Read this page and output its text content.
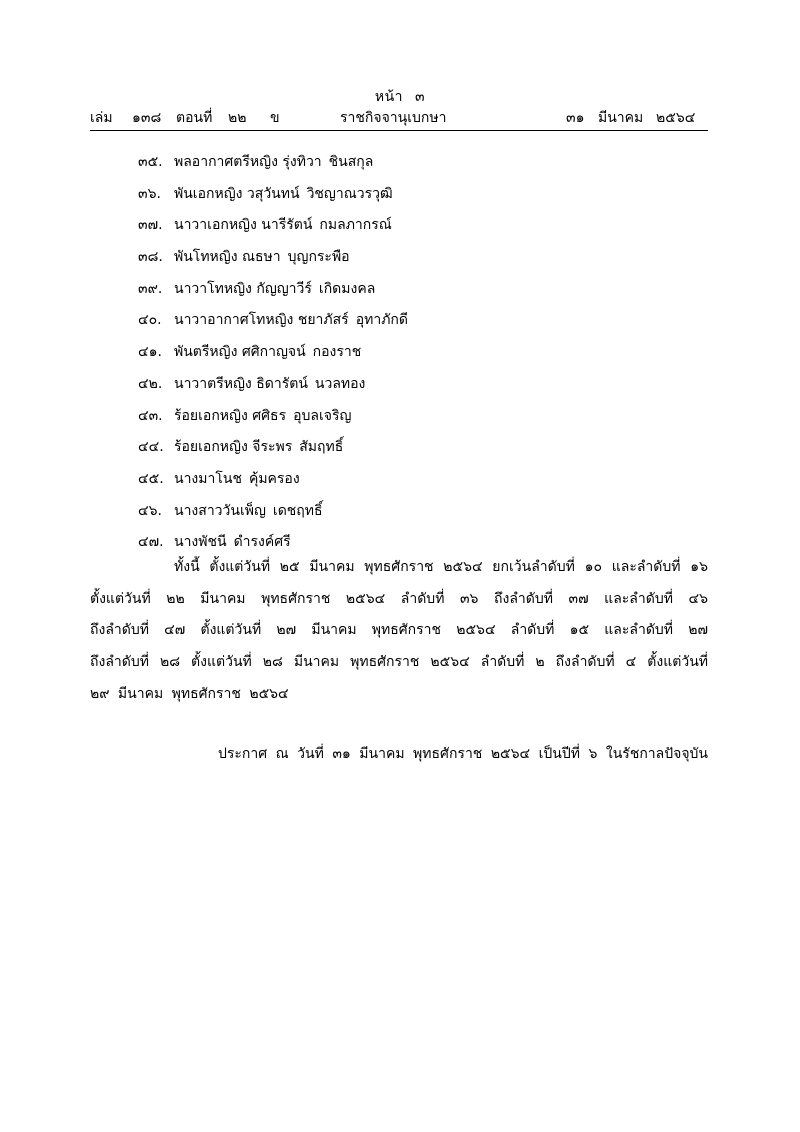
หน้า ๓
เล่ม ๑๓๘ ตอนที่ ๒๒ ข	ราชกิจจานุเบกษา	๓๑ มีนาคม ๒๕๖๔
๓๕. พลอากาศตรีหญิง รุ่งทิวา ชินสกุล
๓๖. พันเอกหญิง วสุวันทน์ วิชญาณวรวุฒิ
๓๗. นาวาเอกหญิง นารีรัตน์ กมลภากรณ์
๓๘. พันโทหญิง ณธษา บุญกระพือ
๓๙. นาวาโทหญิง กัญญาวีร์ เกิดมงคล
๔๐. นาวาอากาศโทหญิง ชยาภัสร์ อุทาภักดี
๔๑. พันตรีหญิง ศศิกาญจน์ กองราช
๔๒. นาวาตรีหญิง ธิดารัตน์ นวลทอง
๔๓. ร้อยเอกหญิง ศศิธร อุบลเจริญ
๔๔. ร้อยเอกหญิง จีระพร สัมฤทธิ์
๔๕. นางมาโนช คุ้มครอง
๔๖. นางสาววันเพ็ญ เดชฤทธิ์
๔๗. นางพัชนี ดำรงค์ศรี
ทั้งนี้ ตั้งแต่วันที่ ๒๕ มีนาคม พุทธศักราช ๒๕๖๔ ยกเว้นลำดับที่ ๑๐ และลำดับที่ ๑๖
ตั้งแต่วันที่ ๒๒ มีนาคม พุทธศักราช ๒๕๖๔ ลำดับที่ ๓๖ ถึงลำดับที่ ๓๗ และลำดับที่ ๔๖
ถึงลำดับที่ ๔๗ ตั้งแต่วันที่ ๒๗ มีนาคม พุทธศักราช ๒๕๖๔ ลำดับที่ ๑๕ และลำดับที่ ๒๗
ถึงลำดับที่ ๒๘ ตั้งแต่วันที่ ๒๘ มีนาคม พุทธศักราช ๒๕๖๔ ลำดับที่ ๒ ถึงลำดับที่ ๔ ตั้งแต่วันที่
๒๙ มีนาคม พุทธศักราช ๒๕๖๔
ประกาศ ณ วันที่ ๓๑ มีนาคม พุทธศักราช ๒๕๖๔ เป็นปีที่ ๖ ในรัชกาลปัจจุบัน
